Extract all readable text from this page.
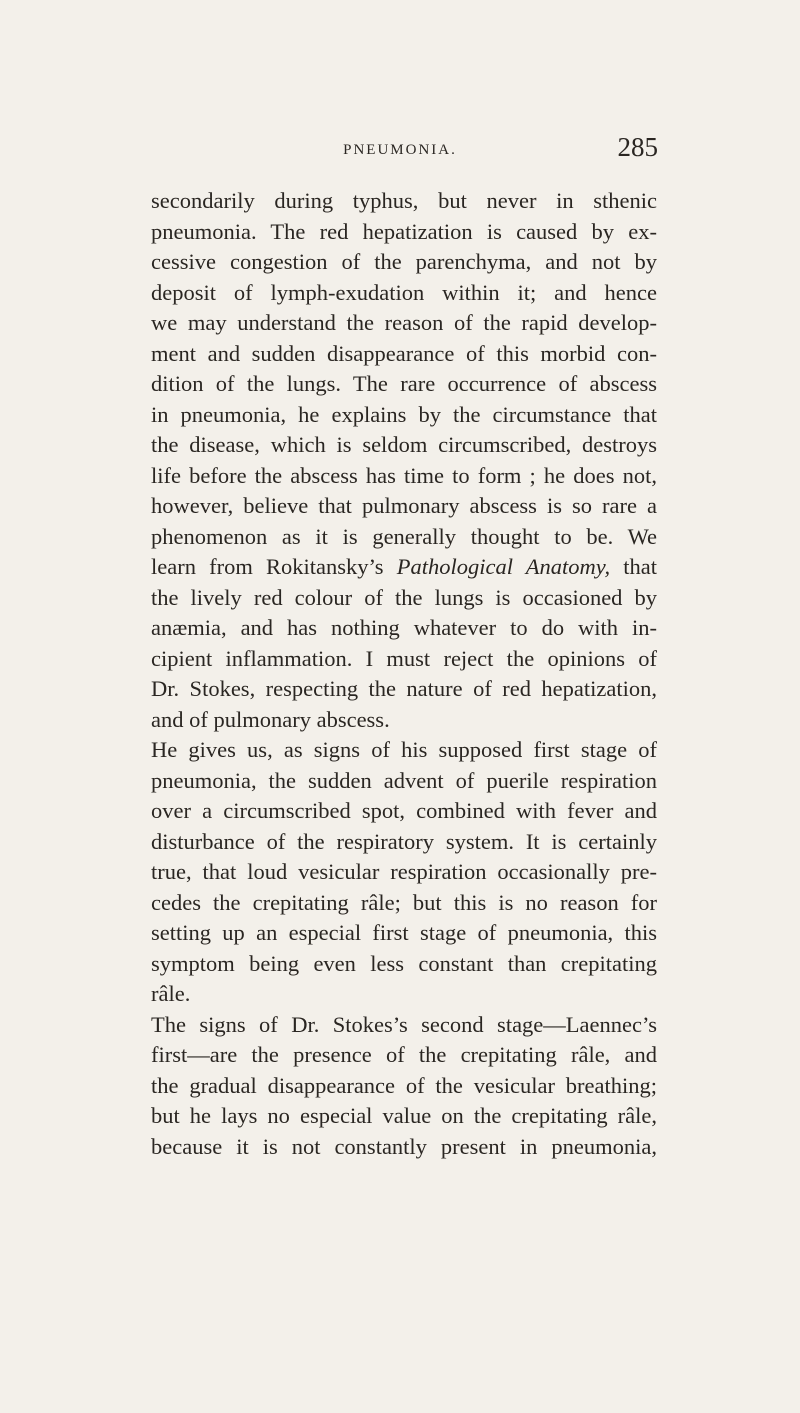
PNEUMONIA.	285
secondarily during typhus, but never in sthenic
pneumonia. The red hepatization is caused by ex-
cessive congestion of the parenchyma, and not by
deposit of lymph-exudation within it; and hence
we may understand the reason of the rapid develop-
ment and sudden disappearance of this morbid con-
dition of the lungs. The rare occurrence of abscess
in pneumonia, he explains by the circumstance that
the disease, which is seldom circumscribed, destroys
life before the abscess has time to form ; he does not,
however, believe that pulmonary abscess is so rare a
phenomenon as it is generally thought to be. We
learn from Rokitansky’s Pathological Anatomy, that
the lively red colour of the lungs is occasioned by
anæmia, and has nothing whatever to do with in-
cipient inflammation. I must reject the opinions of
Dr. Stokes, respecting the nature of red hepatization,
and of pulmonary abscess.
He gives us, as signs of his supposed first stage of
pneumonia, the sudden advent of puerile respiration
over a circumscribed spot, combined with fever and
disturbance of the respiratory system. It is certainly
true, that loud vesicular respiration occasionally pre-
cedes the crepitating râle; but this is no reason for
setting up an especial first stage of pneumonia, this
symptom being even less constant than crepitating
râle.
The signs of Dr. Stokes’s second stage—Laennec’s
first—are the presence of the crepitating râle, and
the gradual disappearance of the vesicular breathing;
but he lays no especial value on the crepitating râle,
because it is not constantly present in pneumonia,
